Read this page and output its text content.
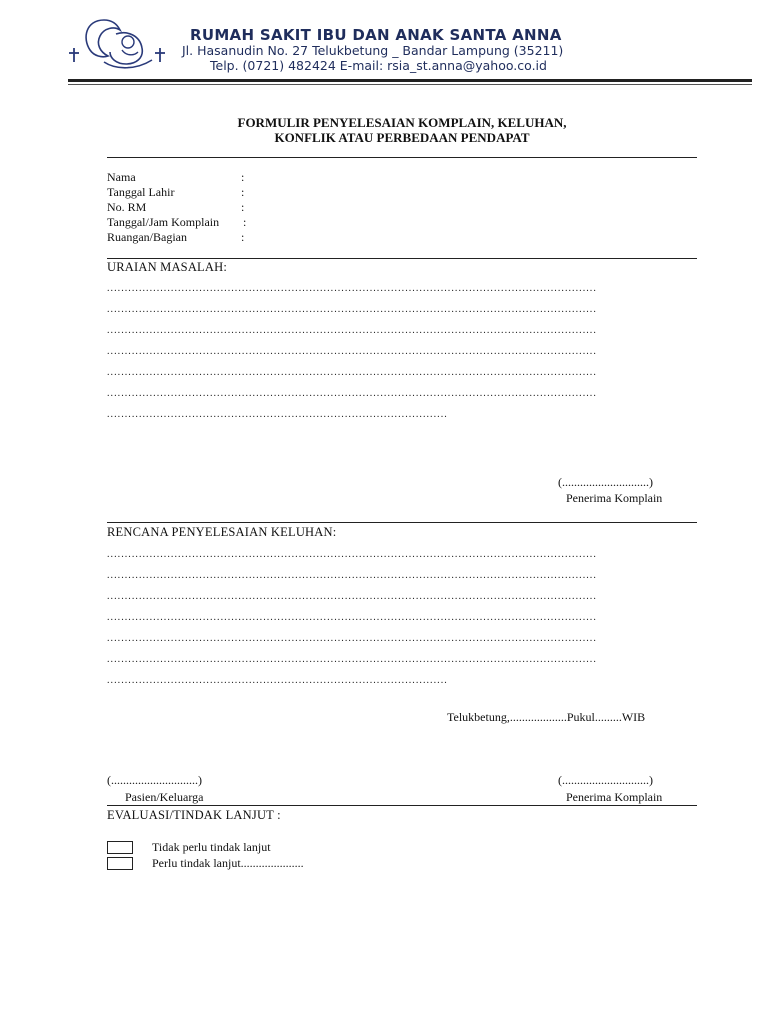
RUMAH SAKIT IBU DAN ANAK SANTA ANNA
Jl. Hasanudin No. 27 Telukbetung _ Bandar Lampung (35211)
Telp. (0721) 482424 E-mail: rsia_st.anna@yahoo.co.id
FORMULIR PENYELESAIAN KOMPLAIN, KELUHAN,
KONFLIK ATAU PERBEDAAN PENDAPAT
Nama	:
Tanggal Lahir	:
No. RM	:
Tanggal/Jam Komplain :
Ruangan/Bagian	:
URAIAN MASALAH:
..........................................................................................................................................
..........................................................................................................................................
..........................................................................................................................................
..........................................................................................................................................
..........................................................................................................................................
..........................................................................................................................................
................................................................................................
(.............................)
Penerima Komplain
RENCANA PENYELESAIAN KELUHAN:
..........................................................................................................................................
..........................................................................................................................................
..........................................................................................................................................
..........................................................................................................................................
..........................................................................................................................................
..........................................................................................................................................
................................................................................................
Telukbetung,...................Pukul.........WIB
(.............................)
Pasien/Keluarga
(.............................)
Penerima Komplain
EVALUASI/TINDAK LANJUT :
Tidak perlu tindak lanjut
Perlu tindak lanjut.....................
